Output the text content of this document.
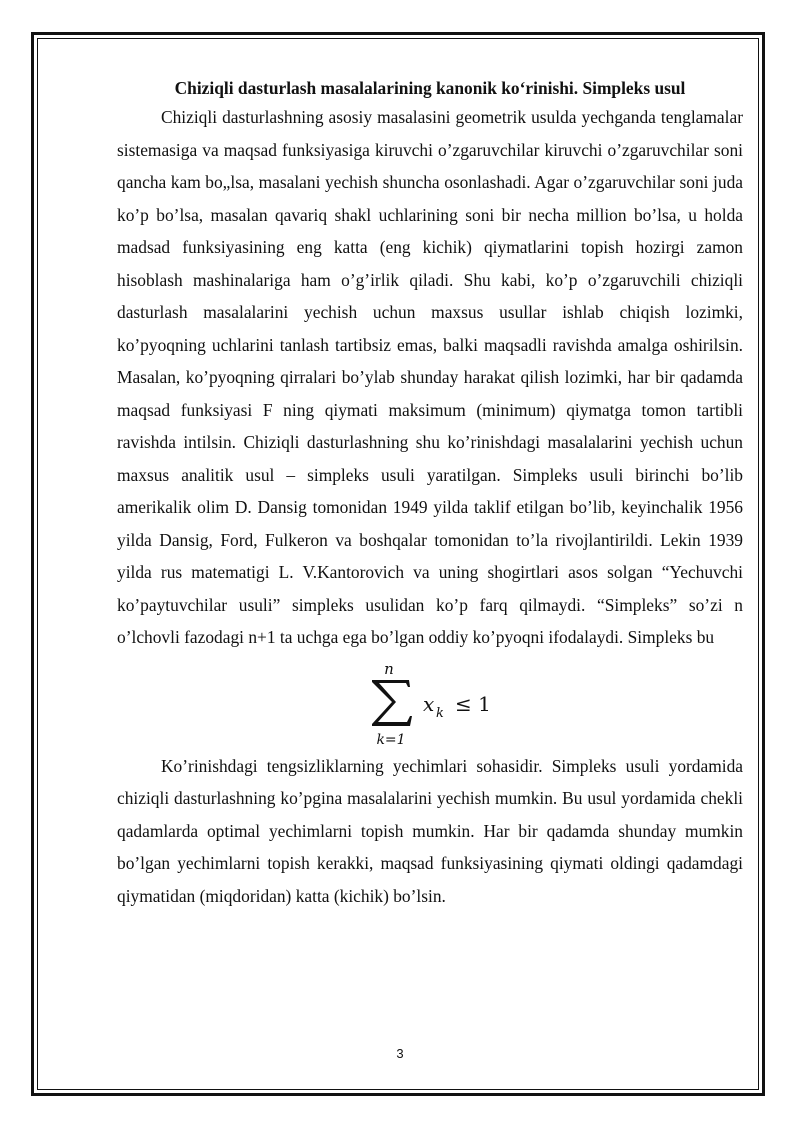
Chiziqli dasturlash masalalarining kanonik ko‘rinishi. Simpleks usul

Chiziqli dasturlashning asosiy masalasini geometrik usulda yechganda tenglamalar sistemasiga va maqsad funksiyasiga kiruvchi o’zgaruvchilar kiruvchi o’zgaruvchilar soni qancha kam bo„lsa, masalani yechish shuncha osonlashadi. Agar o’zgaruvchilar soni juda ko’p bo’lsa, masalan qavariq shakl uchlarining soni bir necha million bo’lsa, u holda madsad funksiyasining eng katta (eng kichik) qiymatlarini topish hozirgi zamon hisoblash mashinalariga ham o’g’irlik qiladi. Shu kabi, ko’p o’zgaruvchili chiziqli dasturlash masalalarini yechish uchun maxsus usullar ishlab chiqish lozimki, ko’pyoqning uchlarini tanlash tartibsiz emas, balki maqsadli ravishda amalga oshirilsin. Masalan, ko’pyoqning qirralari bo’ylab shunday harakat qilish lozimki, har bir qadamda maqsad funksiyasi F ning qiymati maksimum (minimum) qiymatga tomon tartibli ravishda intilsin. Chiziqli dasturlashning shu ko’rinishdagi masalalarini yechish uchun maxsus analitik usul – simpleks usuli yaratilgan. Simpleks usuli birinchi bo’lib amerikalik olim D. Dansig tomonidan 1949 yilda taklif etilgan bo’lib, keyinchalik 1956 yilda Dansig, Ford, Fulkeron va boshqalar tomonidan to’la rivojlantirildi. Lekin 1939 yilda rus matematigi L. V.Kantorovich va uning shogirtlari asos solgan “Yechuvchi ko’paytuvchilar usuli” simpleks usulidan ko’p farq qilmaydi. “Simpleks” so’zi n o’lchovli fazodagi n+1 ta uchga ega bo’lgan oddiy ko’pyoqni ifodalaydi. Simpleks bu

n
k=1
x k ≤ 1

Ko’rinishdagi tengsizliklarning yechimlari sohasidir. Simpleks usuli yordamida chiziqli dasturlashning ko’pgina masalalarini yechish mumkin. Bu usul yordamida chekli qadamlarda optimal yechimlarni topish mumkin. Har bir qadamda shunday mumkin bo’lgan yechimlarni topish kerakki, maqsad funksiyasining qiymati oldingi qadamdagi qiymatidan (miqdoridan) katta (kichik) bo’lsin.

3
